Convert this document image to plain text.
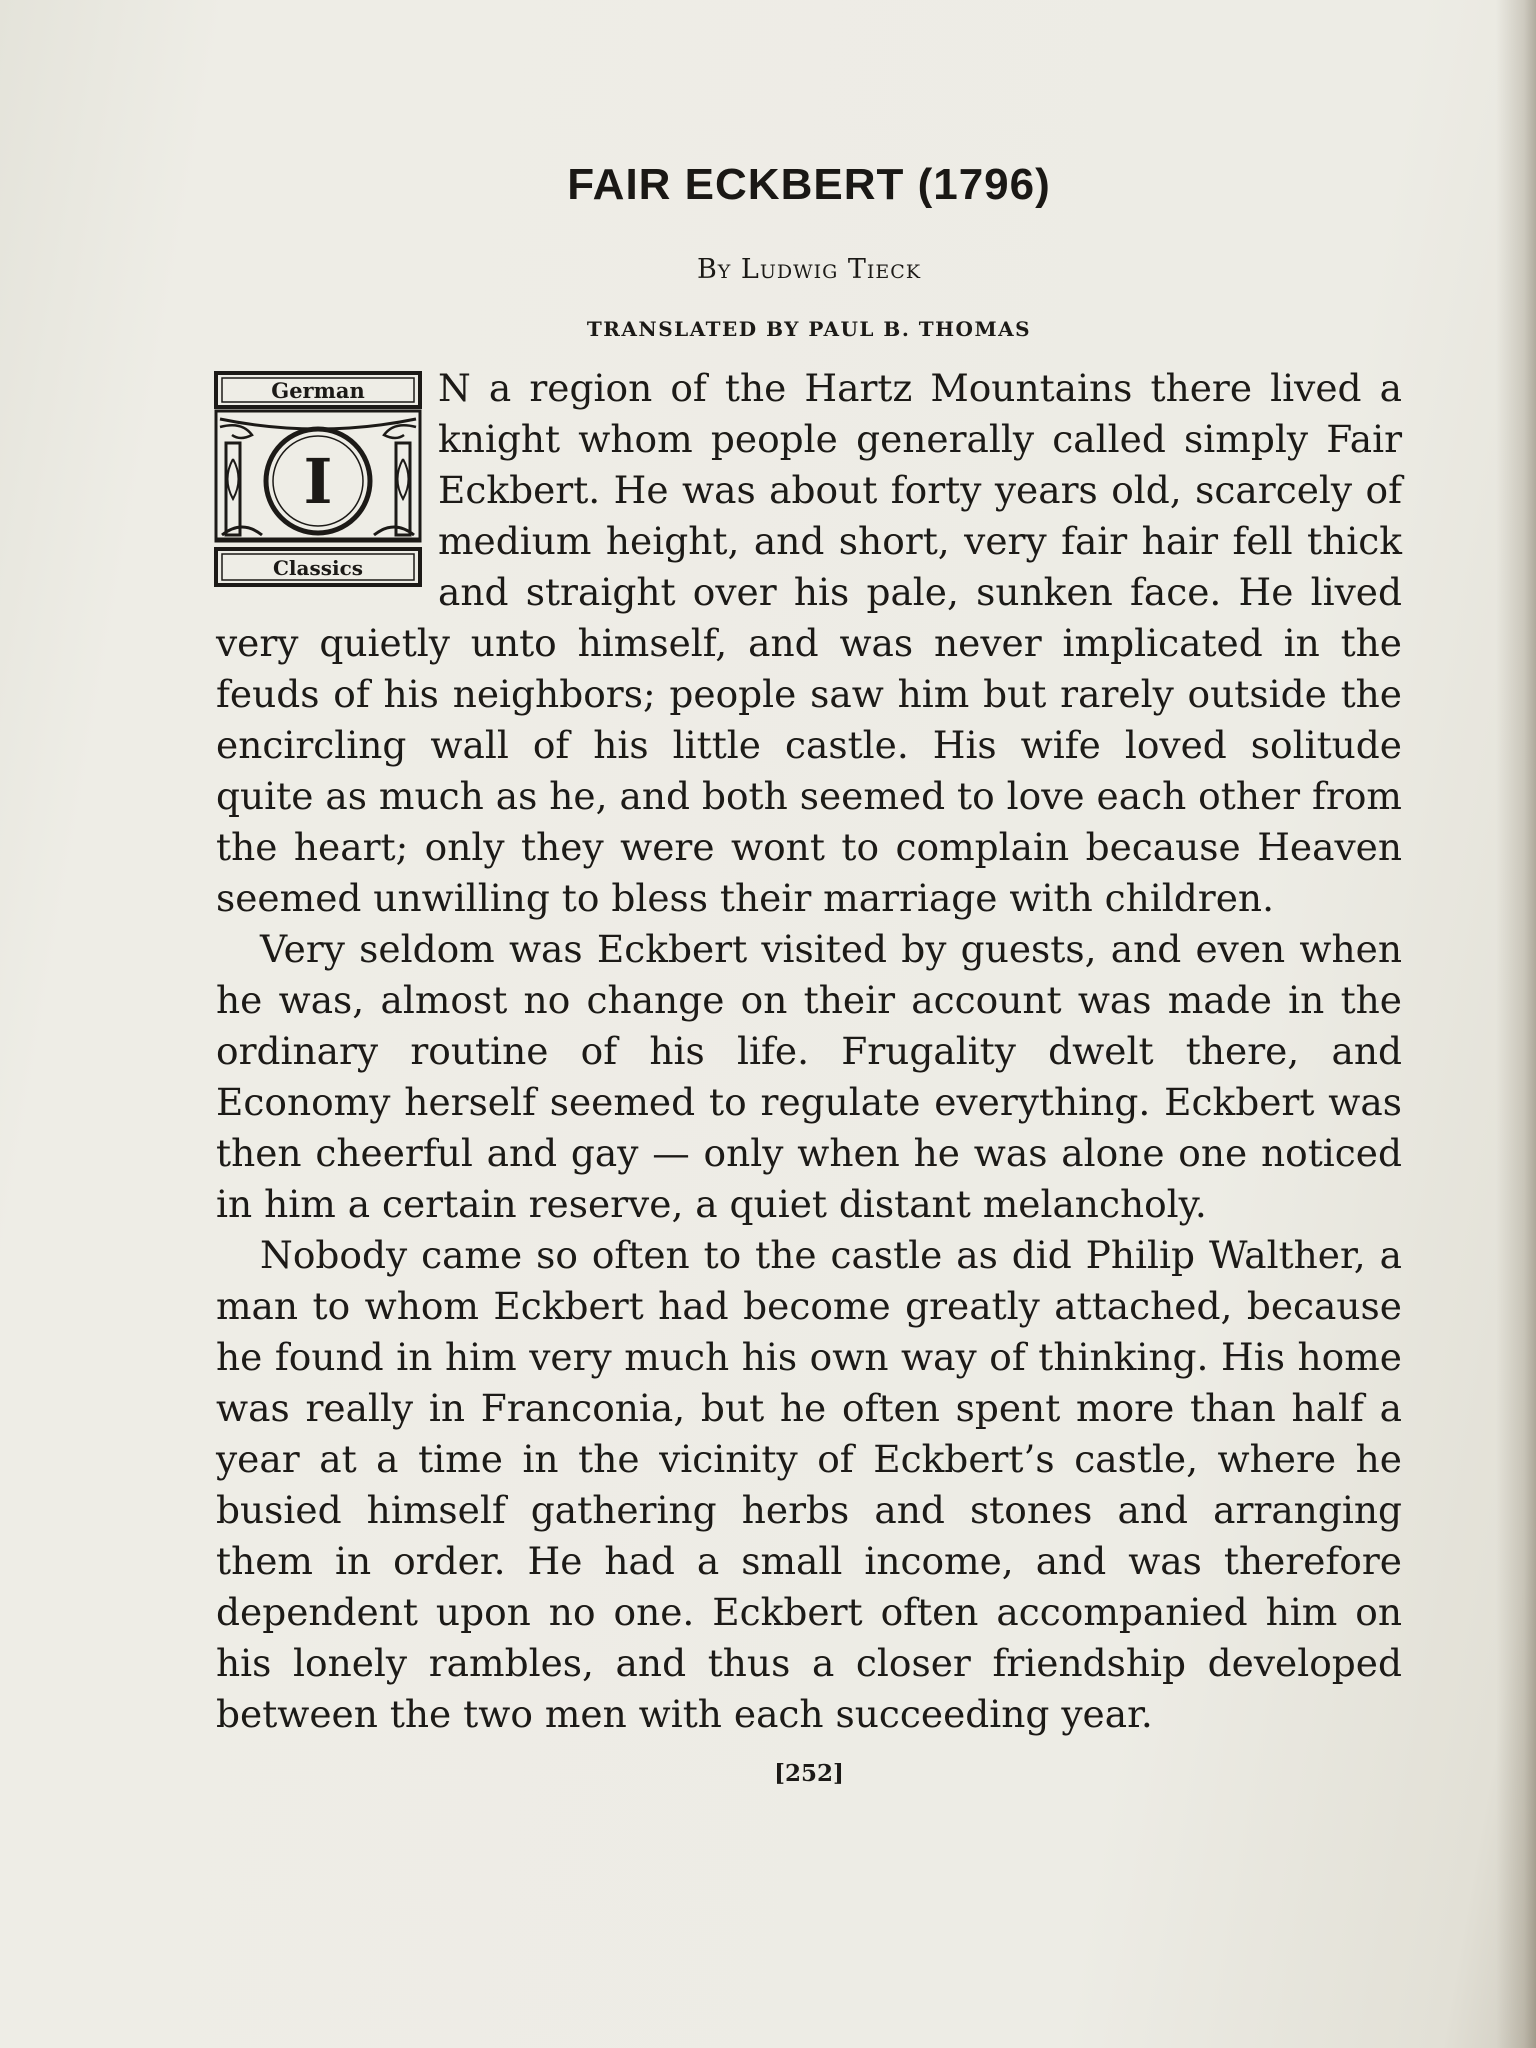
FAIR ECKBERT (1796)
By Ludwig Tieck
TRANSLATED BY PAUL B. THOMAS
German
I
Classics

N a region of the Hartz Mountains there lived a knight whom people generally called simply Fair Eckbert. He was about forty years old, scarcely of medium height, and short, very fair hair fell thick and straight over his pale, sunken face. He lived very quietly unto himself, and was never implicated in the feuds of his neighbors; people saw him but rarely outside the encircling wall of his little castle. His wife loved solitude quite as much as he, and both seemed to love each other from the heart; only they were wont to complain because Heaven seemed unwilling to bless their marriage with children.

Very seldom was Eckbert visited by guests, and even when he was, almost no change on their account was made in the ordinary routine of his life. Frugality dwelt there, and Economy herself seemed to regulate everything. Eckbert was then cheerful and gay — only when he was alone one noticed in him a certain reserve, a quiet distant melancholy.

Nobody came so often to the castle as did Philip Walther, a man to whom Eckbert had become greatly attached, because he found in him very much his own way of thinking. His home was really in Franconia, but he often spent more than half a year at a time in the vicinity of Eckbert’s castle, where he busied himself gathering herbs and stones and arranging them in order. He had a small income, and was therefore dependent upon no one. Eckbert often accompanied him on his lonely rambles, and thus a closer friendship developed between the two men with each succeeding year.

[252]
